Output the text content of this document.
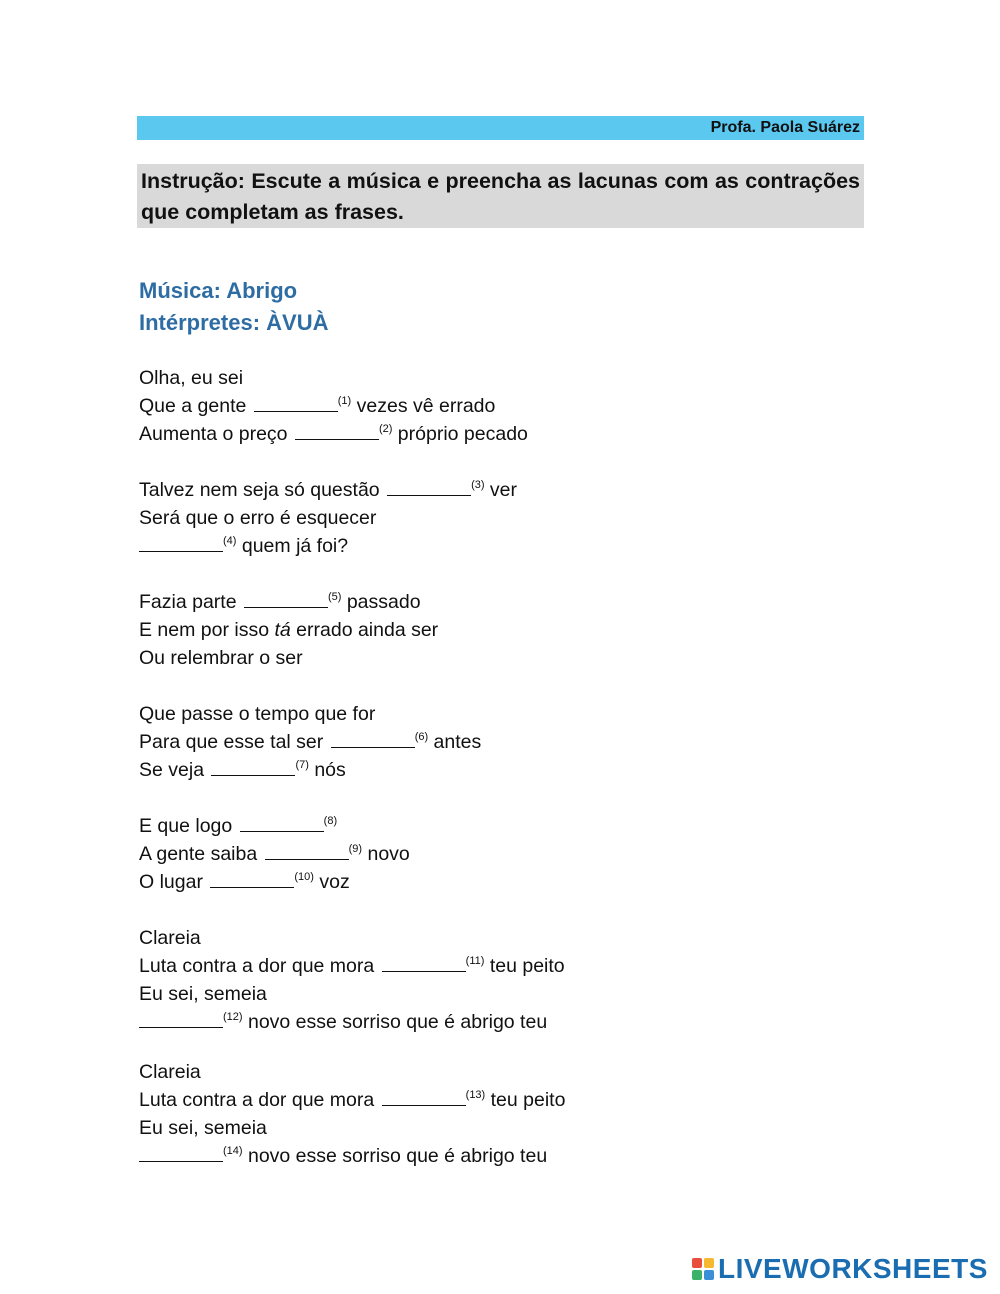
Profa. Paola Suárez
Instrução: Escute a música e preencha as lacunas com as contrações que completam as frases.
Música: Abrigo
Intérpretes: ÀVUÀ
Olha, eu sei
Que a gente	$^{(1)}$ vezes vê errado
Aumenta o preço	$^{(2)}$ próprio pecado
Talvez nem seja só questão	$^{(3)}$ ver
Será que o erro é esquecer
$^{(4)}$ quem já foi?
Fazia parte	$^{(5)}$ passado
E nem por isso tá errado ainda ser
Ou relembrar o ser
Que passe o tempo que for
Para que esse tal ser	$^{(6)}$ antes
Se veja	$^{(7)}$ nós
E que logo	$^{(8)}$
A gente saiba	$^{(9)}$ novo
O lugar	$^{(10)}$ voz
Clareia
Luta contra a dor que mora	$^{(11)}$ teu peito
Eu sei, semeia
$^{(12)}$ novo esse sorriso que é abrigo teu
Clareia
Luta contra a dor que mora	$^{(13)}$ teu peito
Eu sei, semeia
$^{(14)}$ novo esse sorriso que é abrigo teu
LIVEWORKSHEETS
